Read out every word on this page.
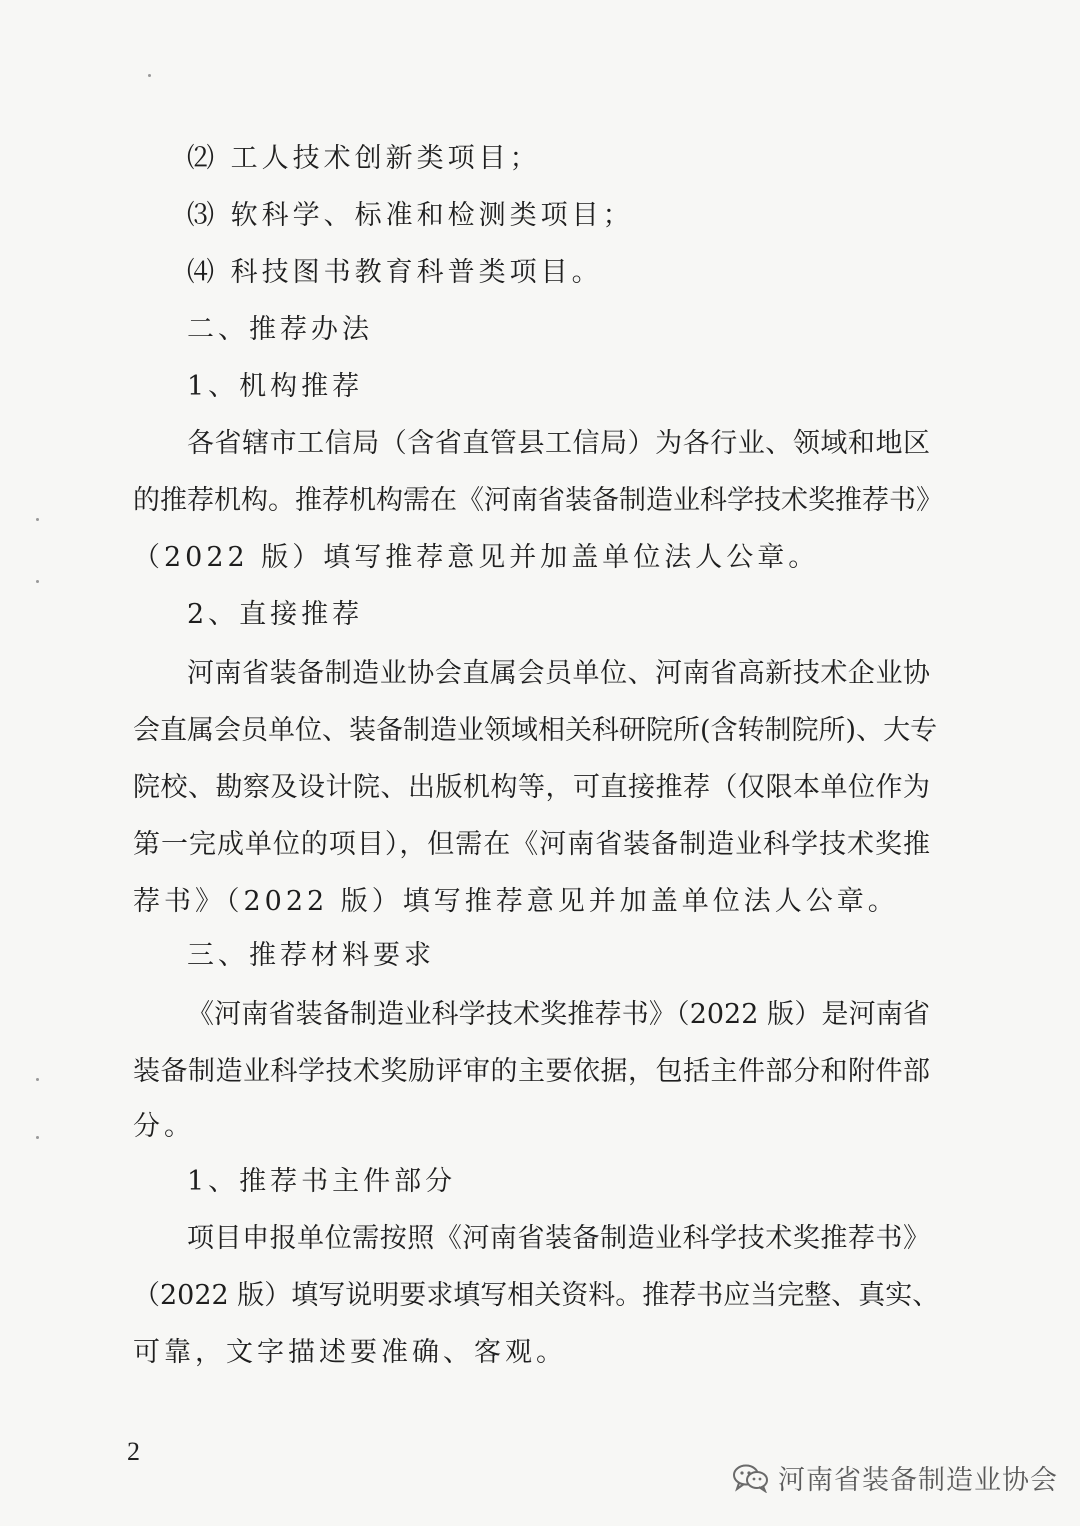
⑵ 工人技术创新类项目；
⑶ 软科学、标准和检测类项目；
⑷ 科技图书教育科普类项目。
二、推荐办法
1、机构推荐
各省辖市工信局（含省直管县工信局）为各行业、领域和地区
的推荐机构。推荐机构需在《河南省装备制造业科学技术奖推荐书》
（2022 版）填写推荐意见并加盖单位法人公章。
2、直接推荐
河南省装备制造业协会直属会员单位、河南省高新技术企业协
会直属会员单位、装备制造业领域相关科研院所(含转制院所)、大专
院校、勘察及设计院、出版机构等，可直接推荐（仅限本单位作为
第一完成单位的项目），但需在《河南省装备制造业科学技术奖推
荐书》（2022 版）填写推荐意见并加盖单位法人公章。
三、推荐材料要求
《河南省装备制造业科学技术奖推荐书》（2022 版）是河南省
装备制造业科学技术奖励评审的主要依据，包括主件部分和附件部
分。
1、推荐书主件部分
项目申报单位需按照《河南省装备制造业科学技术奖推荐书》
（2022 版）填写说明要求填写相关资料。推荐书应当完整、真实、
可靠，文字描述要准确、客观。
2
河南省装备制造业协会
